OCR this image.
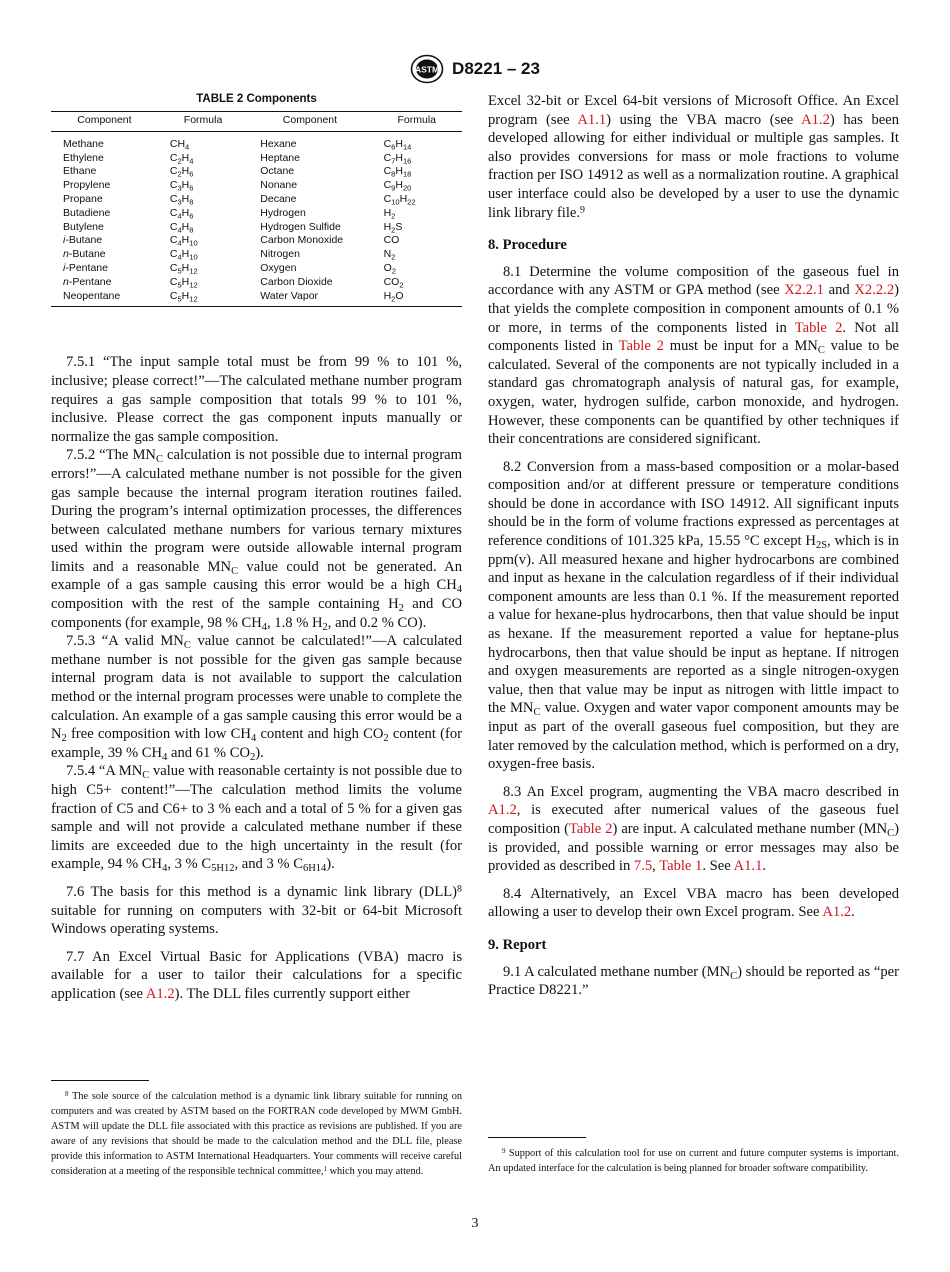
ASTM D8221 – 23
TABLE 2 Components
Component	Formula	Component	Formula
Methane	$CH_4$	Hexane	$C_6H_{14}$
Ethylene	$C_2H_4$	Heptane	$C_7H_{16}$
Ethane	$C_2H_6$	Octane	$C_8H_{18}$
Propylene	$C_3H_6$	Nonane	$C_9H_{20}$
Propane	$C_3H_8$	Decane	$C_{10}H_{22}$
Butadiene	$C_4H_6$	Hydrogen	$H_2$
Butylene	$C_4H_8$	Hydrogen Sulfide	$H_2S$
i-Butane	$C_4H_{10}$	Carbon Monoxide	CO
n-Butane	$C_4H_{10}$	Nitrogen	$N_2$
i-Pentane	$C_5H_{12}$	Oxygen	$O_2$
n-Pentane	$C_5H_{12}$	Carbon Dioxide	$CO_2$
Neopentane	$C_5H_{12}$	Water Vapor	$H_2O$

7.5.1 “The input sample total must be from 99 % to 101 %, inclusive; please correct!”—The calculated methane number program requires a gas sample composition that totals 99 % to 101 %, inclusive. Please correct the gas component inputs manually or normalize the gas sample composition.

7.5.2 “The $MN_C$ calculation is not possible due to internal program errors!”—A calculated methane number is not possible for the given gas sample because the internal program iteration routines failed. During the program’s internal optimization processes, the differences between calculated methane numbers for various ternary mixtures used within the program were outside allowable internal program limits and a reasonable $MN_C$ value could not be generated. An example of a gas sample causing this error would be a high $CH_4$ composition with the rest of the sample containing $H_2$ and CO components (for example, 98 % $CH_4$, 1.8 % $H_2$, and 0.2 % CO).

7.5.3 “A valid $MN_C$ value cannot be calculated!”—A calculated methane number is not possible for the given gas sample because internal program data is not available to support the calculation method or the internal program processes were unable to complete the calculation. An example of a gas sample causing this error would be a $N_2$ free composition with low $CH_4$ content and high $CO_2$ content (for example, 39 % $CH_4$ and 61 % $CO_2$).

7.5.4 “A $MN_C$ value with reasonable certainty is not possible due to high C5+ content!”—The calculation method limits the volume fraction of C5 and C6+ to 3 % each and a total of 5 % for a given gas sample and will not provide a calculated methane number if these limits are exceeded due to the high uncertainty in the result (for example, 94 % $CH_4$, 3 % $C_{5H12}$, and 3 % $C_{6H14}$).

7.6 The basis for this method is a dynamic link library (DLL)$^8$ suitable for running on computers with 32-bit or 64-bit Microsoft Windows operating systems.

7.7 An Excel Virtual Basic for Applications (VBA) macro is available for a user to tailor their calculations for a specific application (see A1.2). The DLL files currently support either

$^8$ The sole source of the calculation method is a dynamic link library suitable for running on computers and was created by ASTM based on the FORTRAN code developed by MWM GmbH. ASTM will update the DLL file associated with this practice as revisions are published. If you are aware of any revisions that should be made to the calculation method and the DLL file, please provide this information to ASTM International Headquarters. Your comments will receive careful consideration at a meeting of the responsible technical committee,$^1$ which you may attend.

Excel 32-bit or Excel 64-bit versions of Microsoft Office. An Excel program (see A1.1) using the VBA macro (see A1.2) has been developed allowing for either individual or multiple gas samples. It also provides conversions for mass or mole fractions to volume fraction per ISO 14912 as well as a normalization routine. A graphical user interface could also be developed by a user to use the dynamic link library file.$^9$

8. Procedure

8.1 Determine the volume composition of the gaseous fuel in accordance with any ASTM or GPA method (see X2.2.1 and X2.2.2) that yields the complete composition in component amounts of 0.1 % or more, in terms of the components listed in Table 2. Not all components listed in Table 2 must be input for a $MN_C$ value to be calculated. Several of the components are not typically included in a standard gas chromatograph analysis of natural gas, for example, oxygen, water, hydrogen sulfide, carbon monoxide, and hydrogen. However, these components can be quantified by other techniques if their concentrations are considered significant.

8.2 Conversion from a mass-based composition or a molar-based composition and/or at different pressure or temperature conditions should be done in accordance with ISO 14912. All significant inputs should be in the form of volume fractions expressed as percentages at reference conditions of 101.325 kPa, 15.55 °C except $H_{2S}$, which is in ppm(v). All measured hexane and higher hydrocarbons are combined and input as hexane in the calculation regardless of if their individual component amounts are less than 0.1 %. If the measurement reported a value for hexane-plus hydrocarbons, then that value should be input as hexane. If the measurement reported a value for heptane-plus hydrocarbons, then that value should be input as heptane. If nitrogen and oxygen measurements are reported as a single nitrogen-oxygen value, then that value may be input as nitrogen with little impact to the $MN_C$ value. Oxygen and water vapor component amounts may be input as part of the overall gaseous fuel composition, but they are later removed by the calculation method, which is performed on a dry, oxygen-free basis.

8.3 An Excel program, augmenting the VBA macro described in A1.2, is executed after numerical values of the gaseous fuel composition (Table 2) are input. A calculated methane number $(MN_C)$ is provided, and possible warning or error messages may also be provided as described in 7.5, Table 1. See A1.1.

8.4 Alternatively, an Excel VBA macro has been developed allowing a user to develop their own Excel program. See A1.2.

9. Report

9.1 A calculated methane number $(MN_C)$ should be reported as “per Practice D8221.”

$^9$ Support of this calculation tool for use on current and future computer systems is important. An updated interface for the calculation is being planned for broader software compatibility.

3
